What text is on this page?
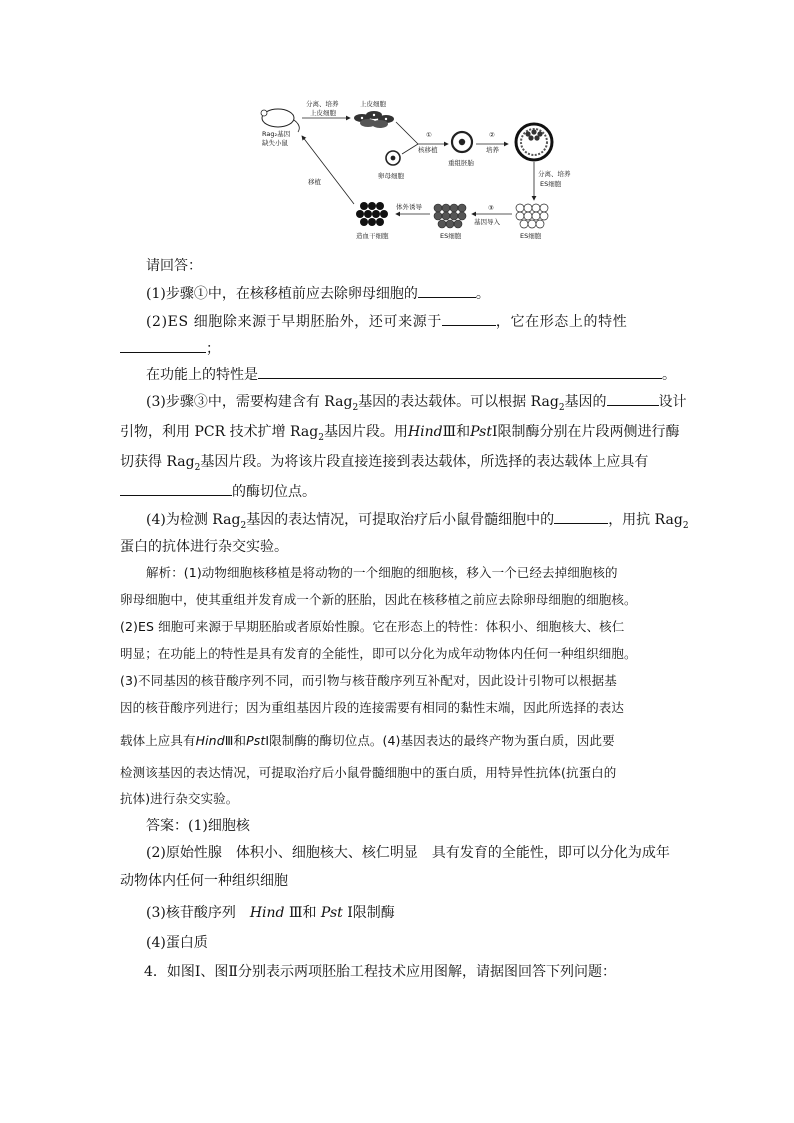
Rag₂基因
缺失小鼠
分离、培养
上皮细胞
上皮细胞
卵母细胞
①
核移植
重组胚胎
②
培养
分离、培养
ES细胞
ES细胞
③
基因导入
ES细胞
体外诱导
造血干细胞
移植
请回答：
(1)步骤①中，在核移植前应去除卵母细胞的	。
(2)ES 细胞除来源于早期胚胎外，还可来源于	，它在形态上的特性
；
在功能上的特性是	。
(3)步骤③中，需要构建含有 Rag$_2$基因的表达载体。可以根据 Rag$_2$基因的	设计
引物，利用 PCR 技术扩增 Rag$_2$基因片段。用HindⅢ和PstⅠ限制酶分别在片段两侧进行酶
切获得 Rag$_2$基因片段。为将该片段直接连接到表达载体，所选择的表达载体上应具有
的酶切位点。
(4)为检测 Rag$_2$基因的表达情况，可提取治疗后小鼠骨髓细胞中的	，用抗 Rag$_2$
蛋白的抗体进行杂交实验。
解析：(1)动物细胞核移植是将动物的一个细胞的细胞核，移入一个已经去掉细胞核的
卵母细胞中，使其重组并发育成一个新的胚胎，因此在核移植之前应去除卵母细胞的细胞核。
(2)ES 细胞可来源于早期胚胎或者原始性腺。它在形态上的特性：体积小、细胞核大、核仁
明显；在功能上的特性是具有发育的全能性，即可以分化为成年动物体内任何一种组织细胞。
(3)不同基因的核苷酸序列不同，而引物与核苷酸序列互补配对，因此设计引物可以根据基
因的核苷酸序列进行；因为重组基因片段的连接需要有相同的黏性末端，因此所选择的表达
载体上应具有HindⅢ和PstⅠ限制酶的酶切位点。(4)基因表达的最终产物为蛋白质，因此要
检测该基因的表达情况，可提取治疗后小鼠骨髓细胞中的蛋白质，用特异性抗体(抗蛋白的
抗体)进行杂交实验。
答案：(1)细胞核
(2)原始性腺　体积小、细胞核大、核仁明显　具有发育的全能性，即可以分化为成年
动物体内任何一种组织细胞
(3)核苷酸序列　Hind Ⅲ和 Pst Ⅰ限制酶
(4)蛋白质
4．如图Ⅰ、图Ⅱ分别表示两项胚胎工程技术应用图解，请据图回答下列问题：
